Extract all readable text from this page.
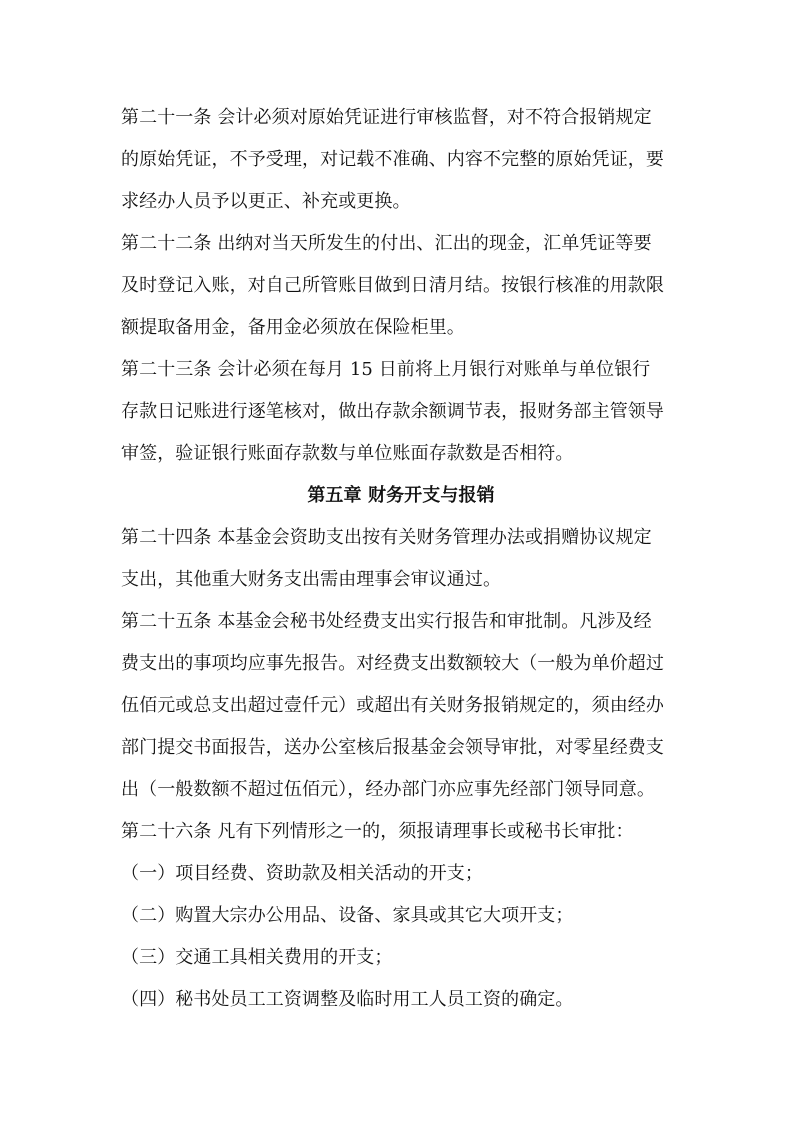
第二十一条 会计必须对原始凭证进行审核监督，对不符合报销规定
的原始凭证，不予受理，对记载不准确、内容不完整的原始凭证，要
求经办人员予以更正、补充或更换。
第二十二条 出纳对当天所发生的付出、汇出的现金，汇单凭证等要
及时登记入账，对自己所管账目做到日清月结。按银行核准的用款限
额提取备用金，备用金必须放在保险柜里。
第二十三条 会计必须在每月 15 日前将上月银行对账单与单位银行
存款日记账进行逐笔核对，做出存款余额调节表，报财务部主管领导
审签，验证银行账面存款数与单位账面存款数是否相符。
第五章 财务开支与报销
第二十四条 本基金会资助支出按有关财务管理办法或捐赠协议规定
支出，其他重大财务支出需由理事会审议通过。
第二十五条 本基金会秘书处经费支出实行报告和审批制。凡涉及经
费支出的事项均应事先报告。对经费支出数额较大（一般为单价超过
伍佰元或总支出超过壹仟元）或超出有关财务报销规定的，须由经办
部门提交书面报告，送办公室核后报基金会领导审批，对零星经费支
出（一般数额不超过伍佰元），经办部门亦应事先经部门领导同意。
第二十六条 凡有下列情形之一的，须报请理事长或秘书长审批：
（一）项目经费、资助款及相关活动的开支；
（二）购置大宗办公用品、设备、家具或其它大项开支；
（三）交通工具相关费用的开支；
（四）秘书处员工工资调整及临时用工人员工资的确定。
